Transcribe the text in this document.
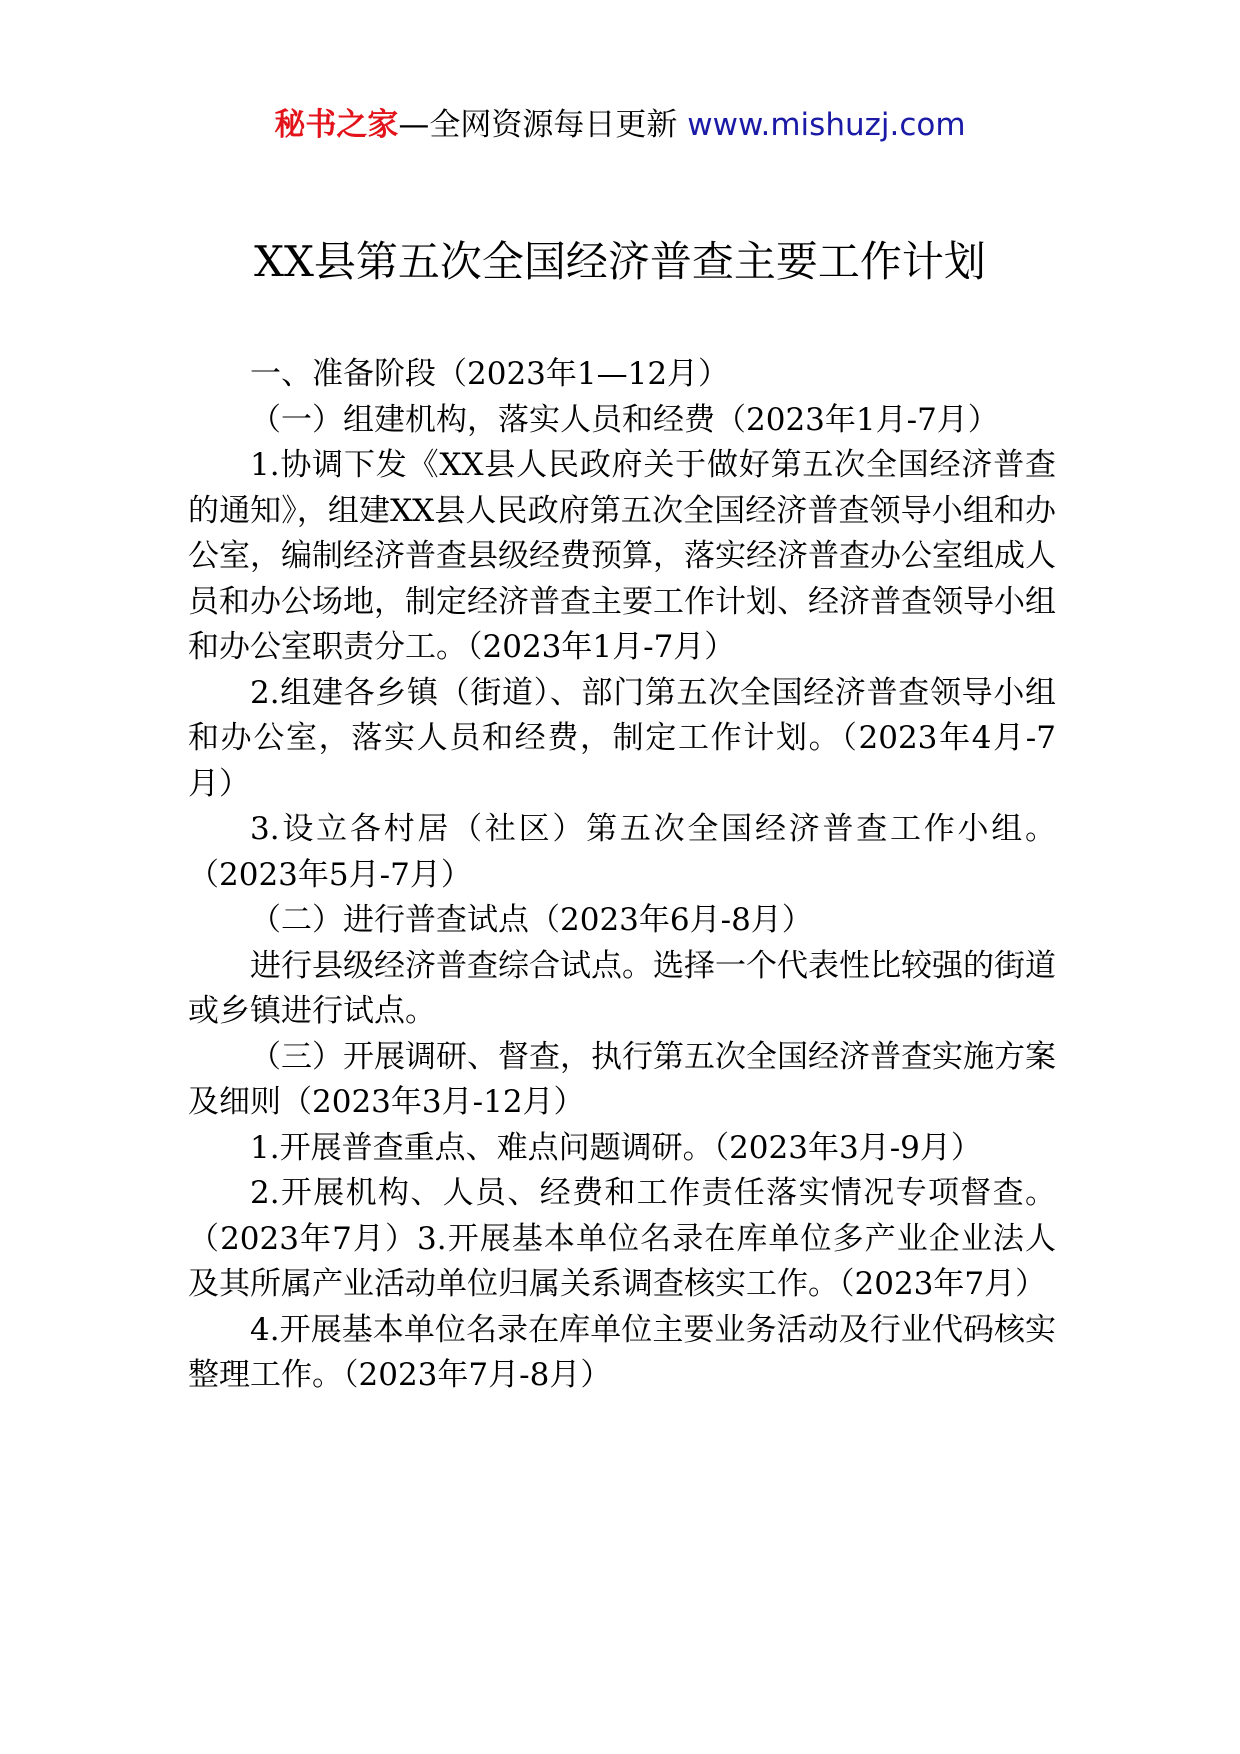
秘书之家—全网资源每日更新 www.mishuzj.com
XX县第五次全国经济普查主要工作计划

一、准备阶段（2023年1—12月）

（一）组建机构，落实人员和经费（2023年1月-7月）

1.协调下发《XX县人民政府关于做好第五次全国经济普查的通知》，组建XX县人民政府第五次全国经济普查领导小组和办公室，编制经济普查县级经费预算，落实经济普查办公室组成人员和办公场地，制定经济普查主要工作计划、经济普查领导小组和办公室职责分工。（2023年1月-7月）

2.组建各乡镇（街道）、部门第五次全国经济普查领导小组和办公室，落实人员和经费，制定工作计划。（2023年4月-7月）

3.设立各村居（社区）第五次全国经济普查工作小组。（2023年5月-7月）

（二）进行普查试点（2023年6月-8月）

进行县级经济普查综合试点。选择一个代表性比较强的街道或乡镇进行试点。

（三）开展调研、督查，执行第五次全国经济普查实施方案及细则（2023年3月-12月）

1.开展普查重点、难点问题调研。（2023年3月-9月）

2.开展机构、人员、经费和工作责任落实情况专项督查。（2023年7月）3.开展基本单位名录在库单位多产业企业法人及其所属产业活动单位归属关系调查核实工作。（2023年7月）

4.开展基本单位名录在库单位主要业务活动及行业代码核实整理工作。（2023年7月-8月）
